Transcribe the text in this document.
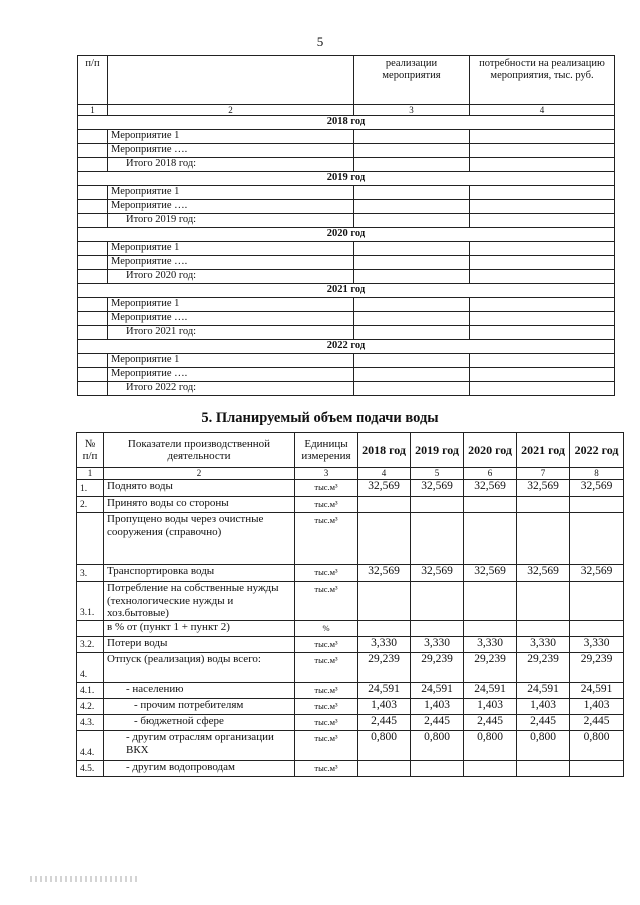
5
п/п		реализации мероприятия	потребности на реализацию мероприятия, тыс. руб.
1	2	3	4
2018 год			
	Мероприятие 1		
	Мероприятие ….		
	Итого 2018 год:		
2019 год			
	Мероприятие 1		
	Мероприятие ….		
	Итого 2019 год:		
2020 год			
	Мероприятие 1		
	Мероприятие ….		
	Итого 2020 год:		
2021 год			
	Мероприятие 1		
	Мероприятие ….		
	Итого 2021 год:		
2022 год			
	Мероприятие 1		
	Мероприятие ….		
	Итого 2022 год:		
5. Планируемый объем подачи воды
№ п/п	Показатели производственной деятельности	Единицы измерения	2018 год	2019 год	2020 год	2021 год	2022 год
1	2	3	4	5	6	7	8
1.	Поднято воды	тыс.м³	32,569	32,569	32,569	32,569	32,569
2.	Принято воды со стороны	тыс.м³					
	Пропущено воды через очистные сооружения (справочно)	тыс.м³					
3.	Транспортировка воды	тыс.м³	32,569	32,569	32,569	32,569	32,569
3.1.	Потребление на собственные нужды (технологические нужды и хоз.бытовые)	тыс.м³					
	в % от (пункт 1 + пункт 2)	%					
3.2.	Потери воды	тыс.м³	3,330	3,330	3,330	3,330	3,330
4.	Отпуск (реализация) воды всего:	тыс.м³	29,239	29,239	29,239	29,239	29,239
4.1.	- населению	тыс.м³	24,591	24,591	24,591	24,591	24,591
4.2.	- прочим потребителям	тыс.м³	1,403	1,403	1,403	1,403	1,403
4.3.	- бюджетной сфере	тыс.м³	2,445	2,445	2,445	2,445	2,445
4.4.	- другим отраслям организации ВКХ	тыс.м³	0,800	0,800	0,800	0,800	0,800
4.5.	- другим водопроводам	тыс.м³					
